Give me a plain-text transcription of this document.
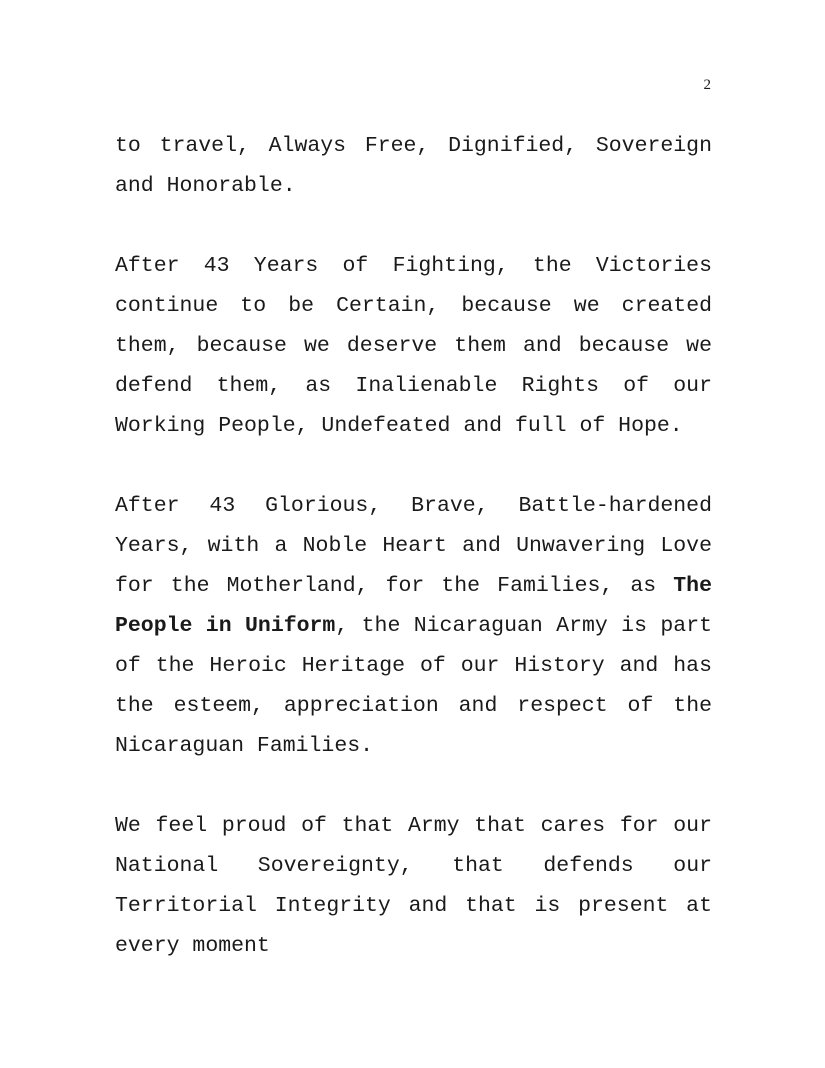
2

to travel, Always Free, Dignified, Sovereign and Honorable.

After 43 Years of Fighting, the Victories continue to be Certain, because we created them, because we deserve them and because we defend them, as Inalienable Rights of our Working People, Undefeated and full of Hope.

After 43 Glorious, Brave, Battle-hardened Years, with a Noble Heart and Unwavering Love for the Motherland, for the Families, as The People in Uniform, the Nicaraguan Army is part of the Heroic Heritage of our History and has the esteem, appreciation and respect of the Nicaraguan Families.

We feel proud of that Army that cares for our National Sovereignty, that defends our Territorial Integrity and that is present at every moment
